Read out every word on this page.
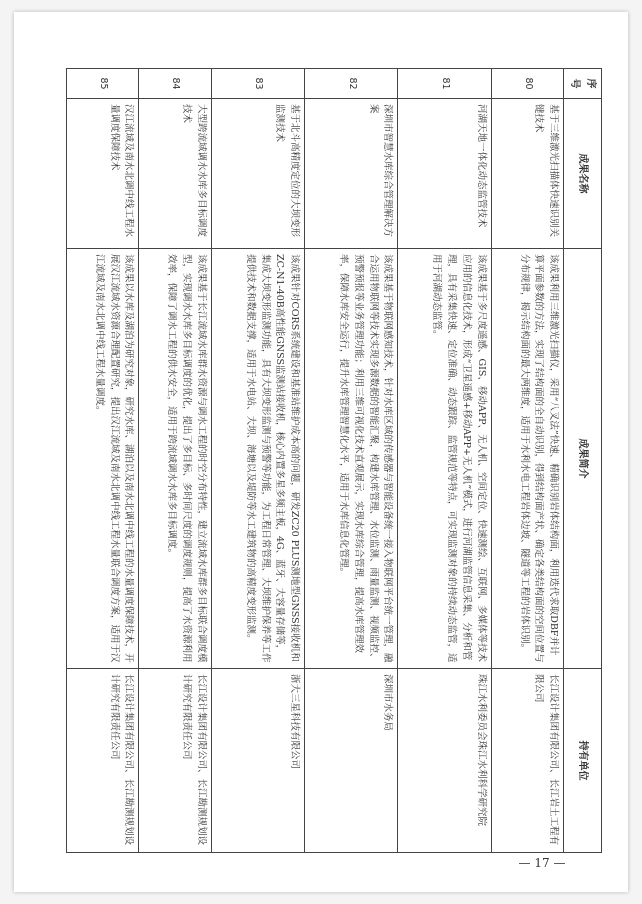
序号	成果名称	成果简介	持有单位
80	基于三维激光扫描体快速识别关键技术	该成果利用三维激光扫描仪，采用“八叉法”快速、精确识别岩体结构面，利用迭代求取DBF并计算平面参数的方法，实现了结构面的全自动识别，得到结构面产状、确定各类结构面的空间位置与分布规律，揭示结构面的最大两维度，适用于水利水电工程岩体边坡、隧道等工程的岩体识别。	长江设计集团有限公司、长江岩土工程有限公司
81	河湖天地一体化动态监管技术	该成果基于多尺度遥感、GIS、移动APP、无人机、空间定位、快速测绘、互联网、多媒体等技术应用的信息化技术，形成“卫星遥感+移动APP+无人机”模式，进行河湖监管信息采集、分析和管理，具有采集快速、定位准确、动态跟踪、监管规范等特点，可实现监测对象的持续动态监管，适用于河湖动态监管。	珠江水利委员会珠江水利科学研究院
82	深圳市智慧水库综合管理解决方案	该成果基于物联网感知技术，针对水库区域的传感器与智能设备统一接入物联网平台统一管理，融合运用物联网等技术实现多源数据的智能汇聚，构建水库管理、水位监测、雨量监测、视频监控、预警预报等业务管理功能；利用三维可视化技术直观展示，实现水库综合管理，提高水库管理效率，保障水库安全运行，提升水库管理智慧化水平，适用于水库信息化管理。	深圳市水务局
83	基于北斗高精度定位的大坝变形监测技术	该成果针对CORS系统建设和基准站维护成本高的问题，研发ZC20 PLUS测地型GNSS接收机和ZC-N1-40B高性能GNSS监测站接收机，核心内置多星多频主板，4G、蓝牙、大容量存储等，集成大坝变形监测功能，具有大坝变形监测与预警等功能，为工程日常管理、大坝维护保养等工作提供技术和数据支撑，适用于水电站、大坝、海塘以及堤防等水工建筑物的高精度变形监测。	浙大三星科技有限公司
84	大型跨流域调水水库多目标调度技术	该成果基于长江流域水库群水资源与调水工程的时空分布特性，建立流域水库群多目标联合调度模型，实现调水水库多目标调度的优化，提出了多目标、多时间尺度的调度规则，提高了水资源利用效率，保障了调水工程的供水安全，适用于跨流域调水水库多目标调度。	长江设计集团有限公司、长江勘测规划设计研究有限责任公司
85	汉江流域及南水北调中线工程水量调度保障技术	该成果以水库及湖泊为研究对象，研究水库、湖泊以及南水北调中线工程的水量调度保障技术，开展汉江流域水资源合理配置研究，提出汉江流域及南水北调中线工程水量联合调度方案，适用于汉江流域及南水北调中线工程水量调度。	长江设计集团有限公司、长江勘测规划设计研究有限责任公司
— 17 —
